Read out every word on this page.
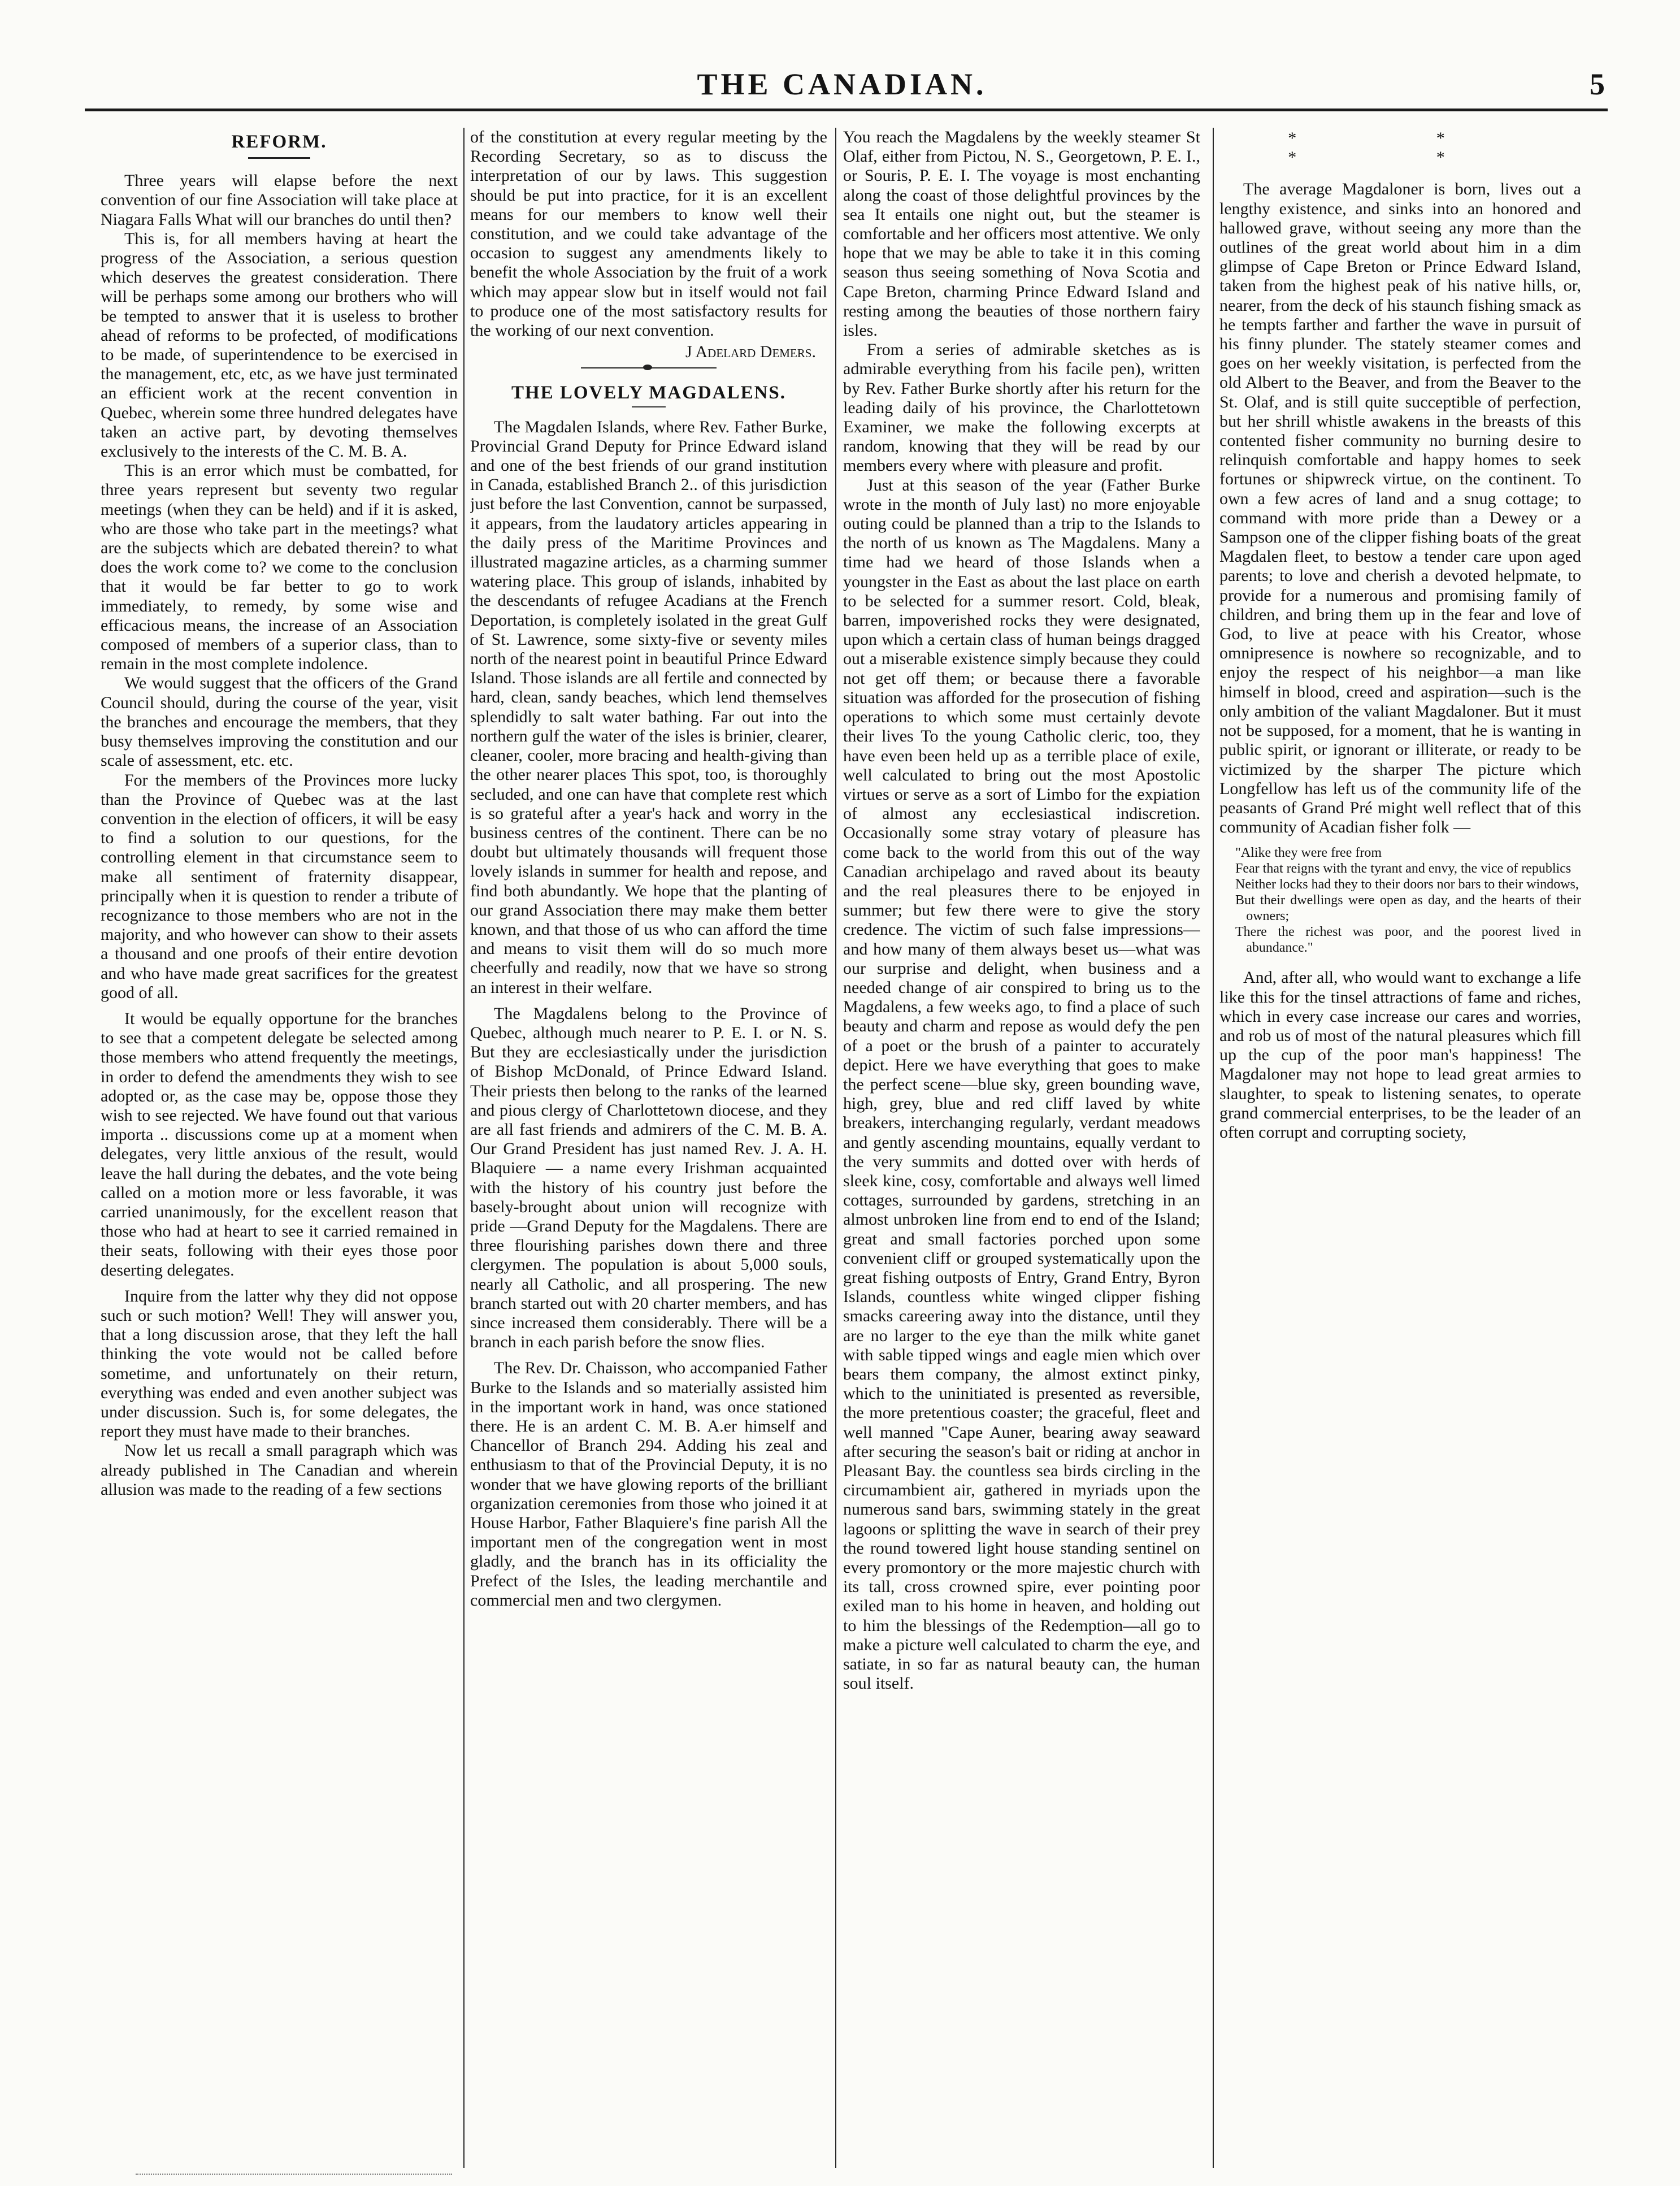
THE CANADIAN.	5

REFORM.

Three years will elapse before the next convention of our fine Association will take place at Niagara Falls What will our branches do until then?

This is, for all members having at heart the progress of the Association, a serious question which deserves the greatest consideration. There will be perhaps some among our brothers who will be tempted to answer that it is useless to brother ahead of reforms to be profected, of modifications to be made, of superintendence to be exercised in the management, etc, etc, as we have just terminated an efficient work at the recent convention in Quebec, wherein some three hundred delegates have taken an active part, by devoting themselves exclusively to the interests of the C. M. B. A.

This is an error which must be combatted, for three years represent but seventy two regular meetings (when they can be held) and if it is asked, who are those who take part in the meetings? what are the subjects which are debated therein? to what does the work come to? we come to the conclusion that it would be far better to go to work immediately, to remedy, by some wise and efficacious means, the increase of an Association composed of members of a superior class, than to remain in the most complete indolence.

We would suggest that the officers of the Grand Council should, during the course of the year, visit the branches and encourage the members, that they busy themselves improving the constitution and our scale of assessment, etc. etc.

For the members of the Provinces more lucky than the Province of Quebec was at the last convention in the election of officers, it will be easy to find a solution to our questions, for the controlling element in that circumstance seem to make all sentiment of fraternity disappear, principally when it is question to render a tribute of recognizance to those members who are not in the majority, and who however can show to their assets a thousand and one proofs of their entire devotion and who have made great sacrifices for the greatest good of all.

It would be equally opportune for the branches to see that a competent delegate be selected among those members who attend frequently the meetings, in order to defend the amendments they wish to see adopted or, as the case may be, oppose those they wish to see rejected. We have found out that various importa .. discussions come up at a moment when delegates, very little anxious of the result, would leave the hall during the debates, and the vote being called on a motion more or less favorable, it was carried unanimously, for the excellent reason that those who had at heart to see it carried remained in their seats, following with their eyes those poor deserting delegates.

Inquire from the latter why they did not oppose such or such motion? Well! They will answer you, that a long discussion arose, that they left the hall thinking the vote would not be called before sometime, and unfortunately on their return, everything was ended and even another subject was under discussion. Such is, for some delegates, the report they must have made to their branches.

Now let us recall a small paragraph which was already published in The Canadian and wherein allusion was made to the reading of a few sections

of the constitution at every regular meeting by the Recording Secretary, so as to discuss the interpretation of our by laws. This suggestion should be put into practice, for it is an excellent means for our members to know well their constitution, and we could take advantage of the occasion to suggest any amendments likely to benefit the whole Association by the fruit of a work which may appear slow but in itself would not fail to produce one of the most satisfactory results for the working of our next convention.

J Adelard Demers.

THE LOVELY MAGDALENS.

The Magdalen Islands, where Rev. Father Burke, Provincial Grand Deputy for Prince Edward island and one of the best friends of our grand institution in Canada, established Branch 2.. of this jurisdiction just before the last Convention, cannot be surpassed, it appears, from the laudatory articles appearing in the daily press of the Maritime Provinces and illustrated magazine articles, as a charming summer watering place. This group of islands, inhabited by the descendants of refugee Acadians at the French Deportation, is completely isolated in the great Gulf of St. Lawrence, some sixty-five or seventy miles north of the nearest point in beautiful Prince Edward Island. Those islands are all fertile and connected by hard, clean, sandy beaches, which lend themselves splendidly to salt water bathing. Far out into the northern gulf the water of the isles is brinier, clearer, cleaner, cooler, more bracing and health-giving than the other nearer places This spot, too, is thoroughly secluded, and one can have that complete rest which is so grateful after a year's hack and worry in the business centres of the continent. There can be no doubt but ultimately thousands will frequent those lovely islands in summer for health and repose, and find both abundantly. We hope that the planting of our grand Association there may make them better known, and that those of us who can afford the time and means to visit them will do so much more cheerfully and readily, now that we have so strong an interest in their welfare.

The Magdalens belong to the Province of Quebec, although much nearer to P. E. I. or N. S. But they are ecclesiastically under the jurisdiction of Bishop McDonald, of Prince Edward Island. Their priests then belong to the ranks of the learned and pious clergy of Charlottetown diocese, and they are all fast friends and admirers of the C. M. B. A. Our Grand President has just named Rev. J. A. H. Blaquiere — a name every Irishman acquainted with the history of his country just before the basely-brought about union will recognize with pride —Grand Deputy for the Magdalens. There are three flourishing parishes down there and three clergymen. The population is about 5,000 souls, nearly all Catholic, and all prospering. The new branch started out with 20 charter members, and has since increased them considerably. There will be a branch in each parish before the snow flies.

The Rev. Dr. Chaisson, who accompanied Father Burke to the Islands and so materially assisted him in the important work in hand, was once stationed there. He is an ardent C. M. B. A.er himself and Chancellor of Branch 294. Adding his zeal and enthusiasm to that of the Provincial Deputy, it is no wonder that we have glowing reports of the brilliant organization ceremonies from those who joined it at House Harbor, Father Blaquiere's fine parish All the important men of the congregation went in most gladly, and the branch has in its officiality the Prefect of the Isles, the leading merchantile and commercial men and two clergymen.

You reach the Magdalens by the weekly steamer St Olaf, either from Pictou, N. S., Georgetown, P. E. I., or Souris, P. E. I. The voyage is most enchanting along the coast of those delightful provinces by the sea It entails one night out, but the steamer is comfortable and her officers most attentive. We only hope that we may be able to take it in this coming season thus seeing something of Nova Scotia and Cape Breton, charming Prince Edward Island and resting among the beauties of those northern fairy isles.

From a series of admirable sketches as is admirable everything from his facile pen), written by Rev. Father Burke shortly after his return for the leading daily of his province, the Charlottetown Examiner, we make the following excerpts at random, knowing that they will be read by our members every where with pleasure and profit.

Just at this season of the year (Father Burke wrote in the month of July last) no more enjoyable outing could be planned than a trip to the Islands to the north of us known as The Magdalens. Many a time had we heard of those Islands when a youngster in the East as about the last place on earth to be selected for a summer resort. Cold, bleak, barren, impoverished rocks they were designated, upon which a certain class of human beings dragged out a miserable existence simply because they could not get off them; or because there a favorable situation was afforded for the prosecution of fishing operations to which some must certainly devote their lives To the young Catholic cleric, too, they have even been held up as a terrible place of exile, well calculated to bring out the most Apostolic virtues or serve as a sort of Limbo for the expiation of almost any ecclesiastical indiscretion. Occasionally some stray votary of pleasure has come back to the world from this out of the way Canadian archipelago and raved about its beauty and the real pleasures there to be enjoyed in summer; but few there were to give the story credence. The victim of such false impressions—and how many of them always beset us—what was our surprise and delight, when business and a needed change of air conspired to bring us to the Magdalens, a few weeks ago, to find a place of such beauty and charm and repose as would defy the pen of a poet or the brush of a painter to accurately depict. Here we have everything that goes to make the perfect scene—blue sky, green bounding wave, high, grey, blue and red cliff laved by white breakers, interchanging regularly, verdant meadows and gently ascending mountains, equally verdant to the very summits and dotted over with herds of sleek kine, cosy, comfortable and always well limed cottages, surrounded by gardens, stretching in an almost unbroken line from end to end of the Island; great and small factories porched upon some convenient cliff or grouped systematically upon the great fishing outposts of Entry, Grand Entry, Byron Islands, countless white winged clipper fishing smacks careering away into the distance, until they are no larger to the eye than the milk white ganet with sable tipped wings and eagle mien which over bears them company, the almost extinct pinky, which to the uninitiated is presented as reversible, the more pretentious coaster; the graceful, fleet and well manned "Cape Auner, bearing away seaward after securing the season's bait or riding at anchor in Pleasant Bay. the countless sea birds circling in the circumambient air, gathered in myriads upon the numerous sand bars, swimming stately in the great lagoons or splitting the wave in search of their prey the round towered light house standing sentinel on every promontory or the more majestic church with its tall, cross crowned spire, ever pointing poor exiled man to his home in heaven, and holding out to him the blessings of the Redemption—all go to make a picture well calculated to charm the eye, and satiate, in so far as natural beauty can, the human soul itself.

* * * *

The average Magdaloner is born, lives out a lengthy existence, and sinks into an honored and hallowed grave, without seeing any more than the outlines of the great world about him in a dim glimpse of Cape Breton or Prince Edward Island, taken from the highest peak of his native hills, or, nearer, from the deck of his staunch fishing smack as he tempts farther and farther the wave in pursuit of his finny plunder. The stately steamer comes and goes on her weekly visitation, is perfected from the old Albert to the Beaver, and from the Beaver to the St. Olaf, and is still quite succeptible of perfection, but her shrill whistle awakens in the breasts of this contented fisher community no burning desire to relinquish comfortable and happy homes to seek fortunes or shipwreck virtue, on the continent. To own a few acres of land and a snug cottage; to command with more pride than a Dewey or a Sampson one of the clipper fishing boats of the great Magdalen fleet, to bestow a tender care upon aged parents; to love and cherish a devoted helpmate, to provide for a numerous and promising family of children, and bring them up in the fear and love of God, to live at peace with his Creator, whose omnipresence is nowhere so recognizable, and to enjoy the respect of his neighbor—a man like himself in blood, creed and aspiration—such is the only ambition of the valiant Magdaloner. But it must not be supposed, for a moment, that he is wanting in public spirit, or ignorant or illiterate, or ready to be victimized by the sharper The picture which Longfellow has left us of the community life of the peasants of Grand Pré might well reflect that of this community of Acadian fisher folk —

"Alike they were free from

Fear that reigns with the tyrant and envy, the vice of republics

Neither locks had they to their doors nor bars to their windows,

But their dwellings were open as day, and the hearts of their owners;

There the richest was poor, and the poorest lived in abundance."

And, after all, who would want to exchange a life like this for the tinsel attractions of fame and riches, which in every case increase our cares and worries, and rob us of most of the natural pleasures which fill up the cup of the poor man's happiness! The Magdaloner may not hope to lead great armies to slaughter, to speak to listening senates, to operate grand commercial enterprises, to be the leader of an often corrupt and corrupting society,
